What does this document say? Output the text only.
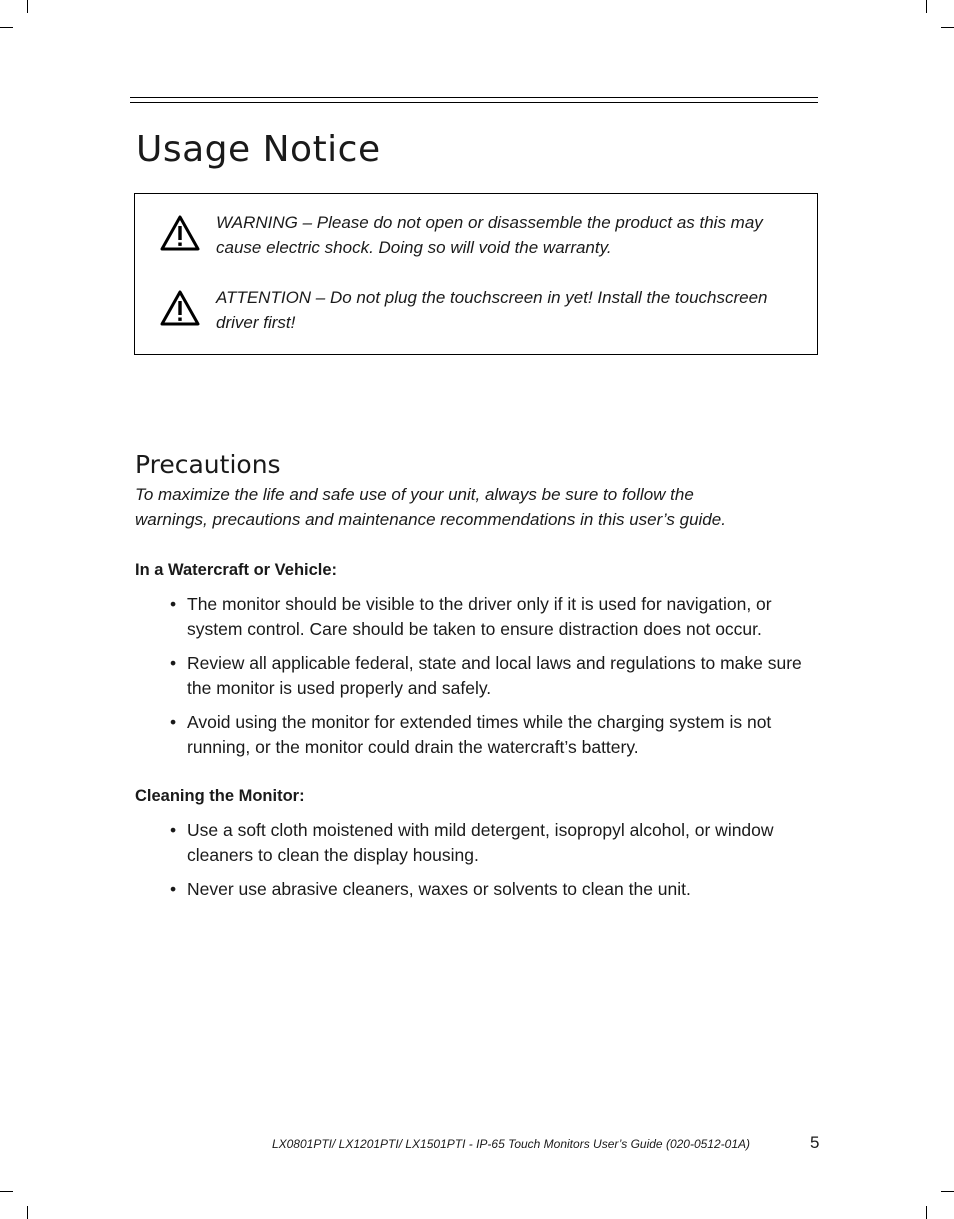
Usage Notice
WARNING – Please do not open or disassemble the product as this may cause electric shock. Doing so will void the warranty.
ATTENTION – Do not plug the touchscreen in yet! Install the touchscreen driver first!
Precautions

To maximize the life and safe use of your unit, always be sure to follow the warnings, precautions and maintenance recommendations in this user’s guide.

In a Watercraft or Vehicle:
• The monitor should be visible to the driver only if it is used for navigation, or system control. Care should be taken to ensure distraction does not occur.
• Review all applicable federal, state and local laws and regulations to make sure the monitor is used properly and safely.
• Avoid using the monitor for extended times while the charging system is not running, or the monitor could drain the watercraft’s battery.
Cleaning the Monitor:
• Use a soft cloth moistened with mild detergent, isopropyl alcohol, or window cleaners to clean the display housing.
• Never use abrasive cleaners, waxes or solvents to clean the unit.
LX0801PTI/ LX1201PTI/ LX1501PTI - IP-65 Touch Monitors User’s Guide (020-0512-01A)	5
